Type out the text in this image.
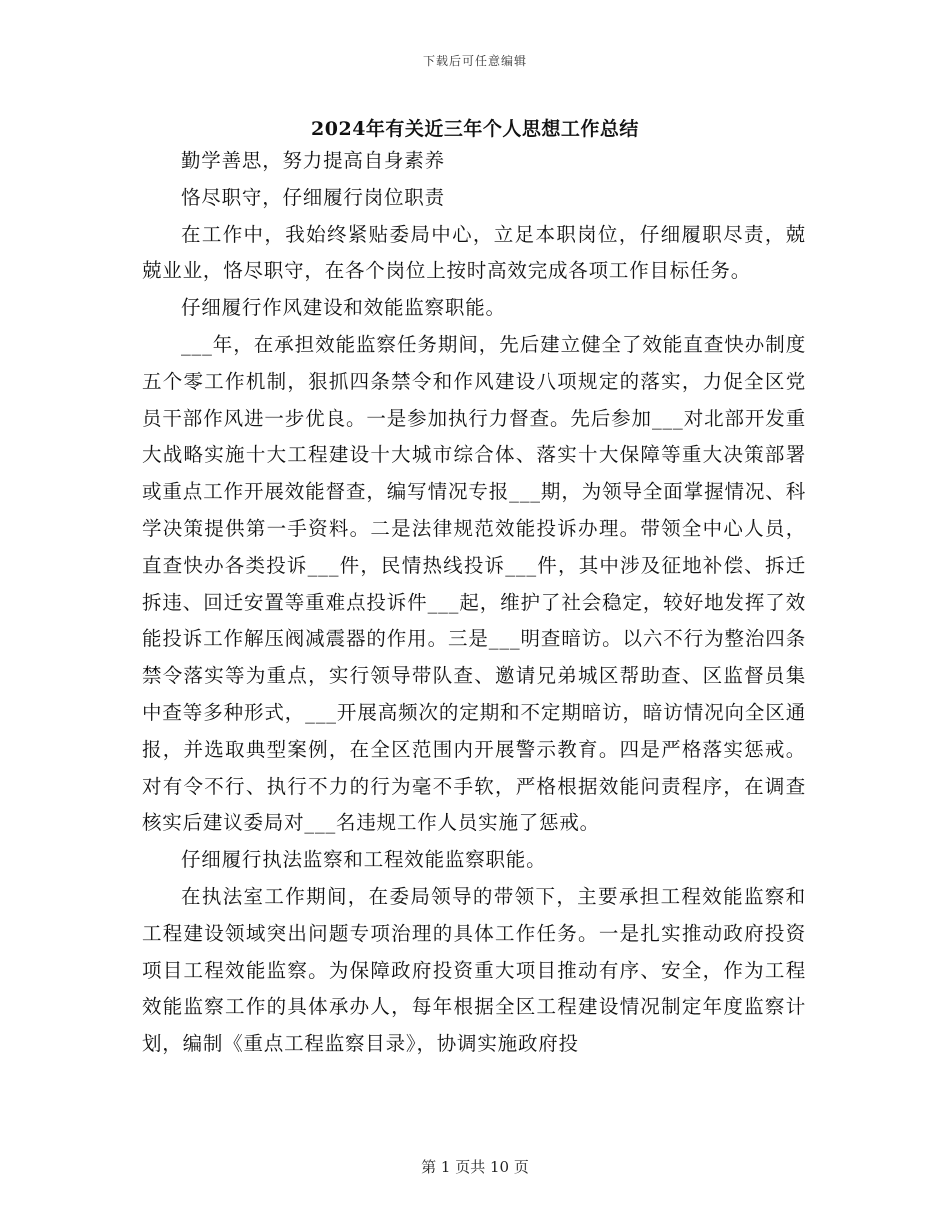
下载后可任意编辑
2024年有关近三年个人思想工作总结

勤学善思，努力提高自身素养

恪尽职守，仔细履行岗位职责

在工作中，我始终紧贴委局中心，立足本职岗位，仔细履职尽责，兢兢业业，恪尽职守，在各个岗位上按时高效完成各项工作目标任务。

仔细履行作风建设和效能监察职能。

___年，在承担效能监察任务期间，先后建立健全了效能直查快办制度五个零工作机制，狠抓四条禁令和作风建设八项规定的落实，力促全区党员干部作风进一步优良。一是参加执行力督查。先后参加___对北部开发重大战略实施十大工程建设十大城市综合体、落实十大保障等重大决策部署或重点工作开展效能督查，编写情况专报___期，为领导全面掌握情况、科学决策提供第一手资料。二是法律规范效能投诉办理。带领全中心人员，直查快办各类投诉___件，民情热线投诉___件，其中涉及征地补偿、拆迁拆违、回迁安置等重难点投诉件___起，维护了社会稳定，较好地发挥了效能投诉工作解压阀减震器的作用。三是___明查暗访。以六不行为整治四条禁令落实等为重点，实行领导带队查、邀请兄弟城区帮助查、区监督员集中查等多种形式，___开展高频次的定期和不定期暗访，暗访情况向全区通报，并选取典型案例，在全区范围内开展警示教育。四是严格落实惩戒。对有令不行、执行不力的行为毫不手软，严格根据效能问责程序，在调查核实后建议委局对___名违规工作人员实施了惩戒。

仔细履行执法监察和工程效能监察职能。

在执法室工作期间，在委局领导的带领下，主要承担工程效能监察和工程建设领域突出问题专项治理的具体工作任务。一是扎实推动政府投资项目工程效能监察。为保障政府投资重大项目推动有序、安全，作为工程效能监察工作的具体承办人，每年根据全区工程建设情况制定年度监察计划，编制《重点工程监察目录》，协调实施政府投

第 1 页共 10 页
